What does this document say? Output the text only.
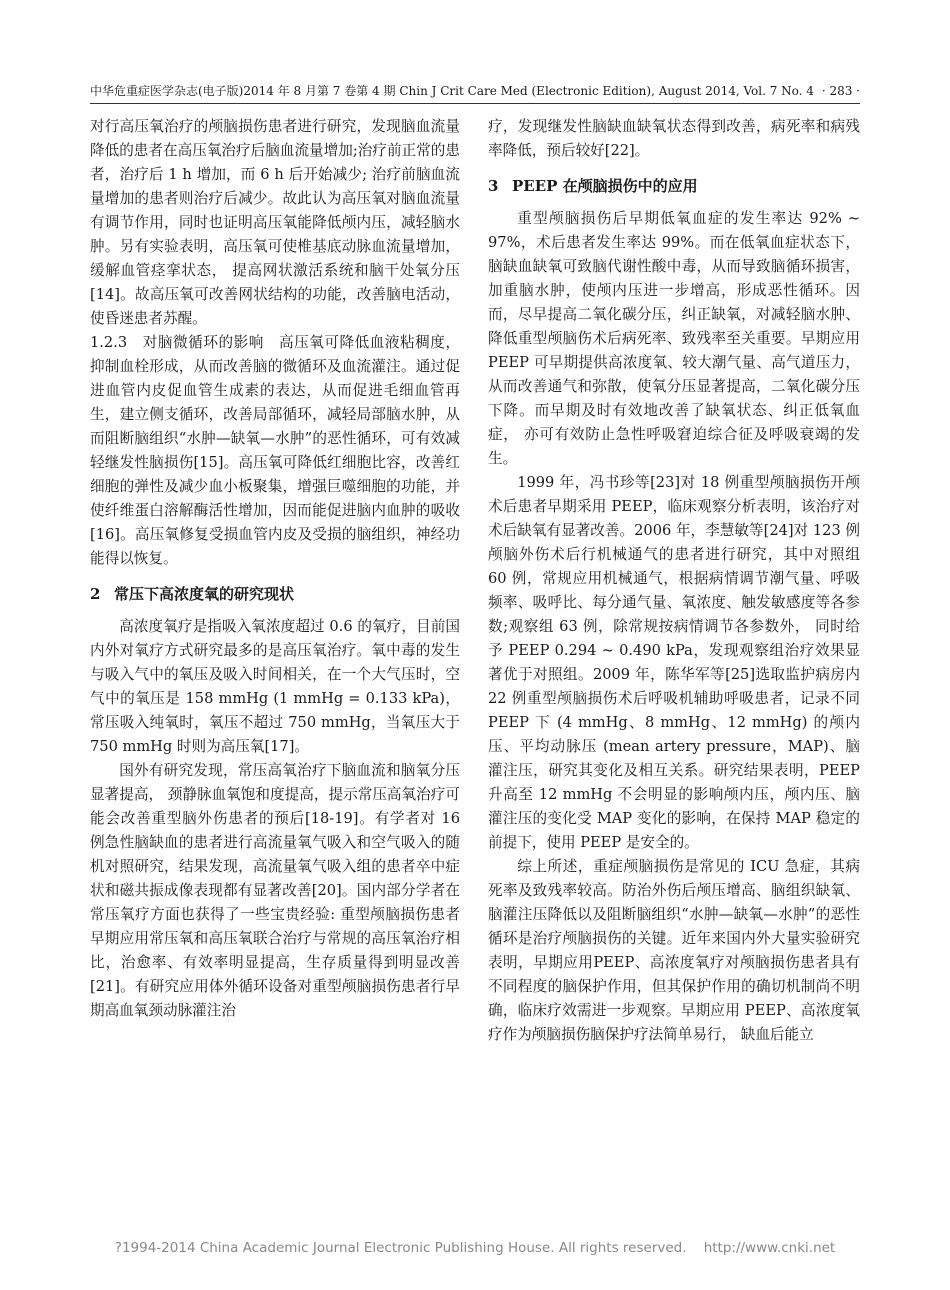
中华危重症医学杂志(电子版)2014 年 8 月第 7 卷第 4 期 Chin J Crit Care Med (Electronic Edition), August 2014, Vol. 7 No. 4 · 283 ·

对行高压氧治疗的颅脑损伤患者进行研究，发现脑血流量降低的患者在高压氧治疗后脑血流量增加;治疗前正常的患者，治疗后 1 h 增加，而 6 h 后开始减少; 治疗前脑血流量增加的患者则治疗后减少。故此认为高压氧对脑血流量有调节作用，同时也证明高压氧能降低颅内压，减轻脑水肿。另有实验表明，高压氧可使椎基底动脉血流量增加，缓解血管痉挛状态， 提高网状激活系统和脑干处氧分压[14]。故高压氧可改善网状结构的功能，改善脑电活动，使昏迷患者苏醒。

1.2.3　对脑微循环的影响　高压氧可降低血液粘稠度，抑制血栓形成，从而改善脑的微循环及血流灌注。通过促进血管内皮促血管生成素的表达，从而促进毛细血管再生，建立侧支循环，改善局部循环，减轻局部脑水肿，从而阻断脑组织“水肿—缺氧—水肿”的恶性循环，可有效减轻继发性脑损伤[15]。高压氧可降低红细胞比容，改善红细胞的弹性及减少血小板聚集，增强巨噬细胞的功能，并使纤维蛋白溶解酶活性增加，因而能促进脑内血肿的吸收[16]。高压氧修复受损血管内皮及受损的脑组织，神经功能得以恢复。

2 常压下高浓度氧的研究现状

高浓度氧疗是指吸入氧浓度超过 0.6 的氧疗，目前国内外对氧疗方式研究最多的是高压氧治疗。氧中毒的发生与吸入气中的氧压及吸入时间相关，在一个大气压时，空气中的氧压是 158 mmHg (1 mmHg = 0.133 kPa)，常压吸入纯氧时，氧压不超过 750 mmHg，当氧压大于 750 mmHg 时则为高压氧[17]。

国外有研究发现，常压高氧治疗下脑血流和脑氧分压显著提高， 颈静脉血氧饱和度提高，提示常压高氧治疗可能会改善重型脑外伤患者的预后[18-19]。有学者对 16 例急性脑缺血的患者进行高流量氧气吸入和空气吸入的随机对照研究，结果发现，高流量氧气吸入组的患者卒中症状和磁共振成像表现都有显著改善[20]。国内部分学者在常压氧疗方面也获得了一些宝贵经验: 重型颅脑损伤患者早期应用常压氧和高压氧联合治疗与常规的高压氧治疗相比，治愈率、有效率明显提高，生存质量得到明显改善[21]。有研究应用体外循环设备对重型颅脑损伤患者行早期高血氧颈动脉灌注治

疗，发现继发性脑缺血缺氧状态得到改善，病死率和病残率降低，预后较好[22]。

3 PEEP 在颅脑损伤中的应用

重型颅脑损伤后早期低氧血症的发生率达 92% ~ 97%，术后患者发生率达 99%。而在低氧血症状态下，脑缺血缺氧可致脑代谢性酸中毒，从而导致脑循环损害，加重脑水肿，使颅内压进一步增高，形成恶性循环。因而，尽早提高二氧化碳分压，纠正缺氧，对减轻脑水肿、降低重型颅脑伤术后病死率、致残率至关重要。早期应用 PEEP 可早期提供高浓度氧、较大潮气量、高气道压力，从而改善通气和弥散，使氧分压显著提高，二氧化碳分压下降。而早期及时有效地改善了缺氧状态、纠正低氧血症， 亦可有效防止急性呼吸窘迫综合征及呼吸衰竭的发生。

1999 年，冯书珍等[23]对 18 例重型颅脑损伤开颅术后患者早期采用 PEEP，临床观察分析表明，该治疗对术后缺氧有显著改善。2006 年，李慧敏等[24]对 123 例颅脑外伤术后行机械通气的患者进行研究，其中对照组 60 例，常规应用机械通气，根据病情调节潮气量、呼吸频率、吸呼比、每分通气量、氧浓度、触发敏感度等各参数;观察组 63 例，除常规按病情调节各参数外， 同时给予 PEEP 0.294 ~ 0.490 kPa，发现观察组治疗效果显著优于对照组。2009 年，陈华军等[25]选取监护病房内 22 例重型颅脑损伤术后呼吸机辅助呼吸患者，记录不同 PEEP 下 (4 mmHg、8 mmHg、12 mmHg) 的颅内压、平均动脉压 (mean artery pressure，MAP)、脑灌注压，研究其变化及相互关系。研究结果表明，PEEP 升高至 12 mmHg 不会明显的影响颅内压，颅内压、脑灌注压的变化受 MAP 变化的影响，在保持 MAP 稳定的前提下，使用 PEEP 是安全的。

综上所述，重症颅脑损伤是常见的 ICU 急症，其病死率及致残率较高。防治外伤后颅压增高、脑组织缺氧、脑灌注压降低以及阻断脑组织“水肿—缺氧—水肿”的恶性循环是治疗颅脑损伤的关键。近年来国内外大量实验研究表明，早期应用PEEP、高浓度氧疗对颅脑损伤患者具有不同程度的脑保护作用，但其保护作用的确切机制尚不明确，临床疗效需进一步观察。早期应用 PEEP、高浓度氧疗作为颅脑损伤脑保护疗法简单易行， 缺血后能立

?1994-2014 China Academic Journal Electronic Publishing House. All rights reserved.    http://www.cnki.net
